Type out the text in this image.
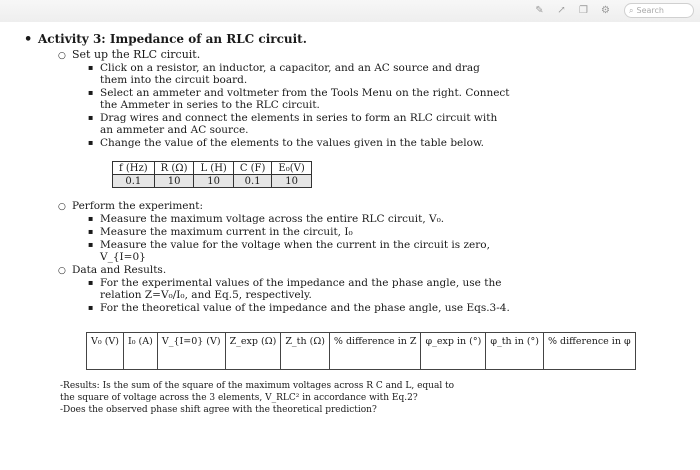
✎ ↗ ❐ ⚙ ⌕ Search
• Activity 3: Impedance of an RLC circuit.
○ Set up the RLC circuit.
▪ Click on a resistor, an inductor, a capacitor, and an AC source and drag them into the circuit board.
▪ Select an ammeter and voltmeter from the Tools Menu on the right. Connect the Ammeter in series to the RLC circuit.
▪ Drag wires and connect the elements in series to form an RLC circuit with an ammeter and AC source.
▪ Change the value of the elements to the values given in the table below.
f (Hz)	R (Ω)	L (H)	C (F)	E₀(V)
0.1	10	10	0.1	10
○ Perform the experiment:
▪ Measure the maximum voltage across the entire RLC circuit, V₀.
▪ Measure the maximum current in the circuit, I₀
▪ Measure the value for the voltage when the current in the circuit is zero, V_{I=0}
○ Data and Results.
▪ For the experimental values of the impedance and the phase angle, use the relation Z=V₀/I₀, and Eq.5, respectively.
▪ For the theoretical value of the impedance and the phase angle, use Eqs.3-4.
V₀ (V)	I₀ (A)	V_{I=0} (V)	Z_exp (Ω)	Z_th (Ω)	% difference in Z	φ_exp in (°)	φ_th in (°)	% difference in φ
-Results: Is the sum of the square of the maximum voltages across R C and L, equal to the square of voltage across the 3 elements, V_RLC² in accordance with Eq.2?
-Does the observed phase shift agree with the theoretical prediction?
